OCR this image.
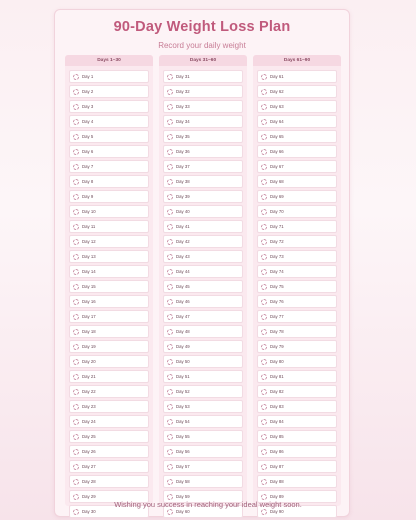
90-Day Weight Loss Plan
Record your daily weight
Days 1~30
Day 1
Day 2
Day 3
Day 4
Day 5
Day 6
Day 7
Day 8
Day 9
Day 10
Day 11
Day 12
Day 13
Day 14
Day 15
Day 16
Day 17
Day 18
Day 19
Day 20
Day 21
Day 22
Day 23
Day 24
Day 25
Day 26
Day 27
Day 28
Day 29
Day 30
Days 31~60
Day 31
Day 32
Day 33
Day 34
Day 35
Day 36
Day 37
Day 38
Day 39
Day 40
Day 41
Day 42
Day 43
Day 44
Day 45
Day 46
Day 47
Day 48
Day 49
Day 50
Day 51
Day 52
Day 53
Day 54
Day 55
Day 56
Day 57
Day 58
Day 59
Day 60
Days 61~90
Day 61
Day 62
Day 63
Day 64
Day 65
Day 66
Day 67
Day 68
Day 69
Day 70
Day 71
Day 72
Day 73
Day 74
Day 75
Day 76
Day 77
Day 78
Day 79
Day 80
Day 81
Day 82
Day 83
Day 84
Day 85
Day 86
Day 87
Day 88
Day 89
Day 90
Wishing you success in reaching your ideal weight soon.
